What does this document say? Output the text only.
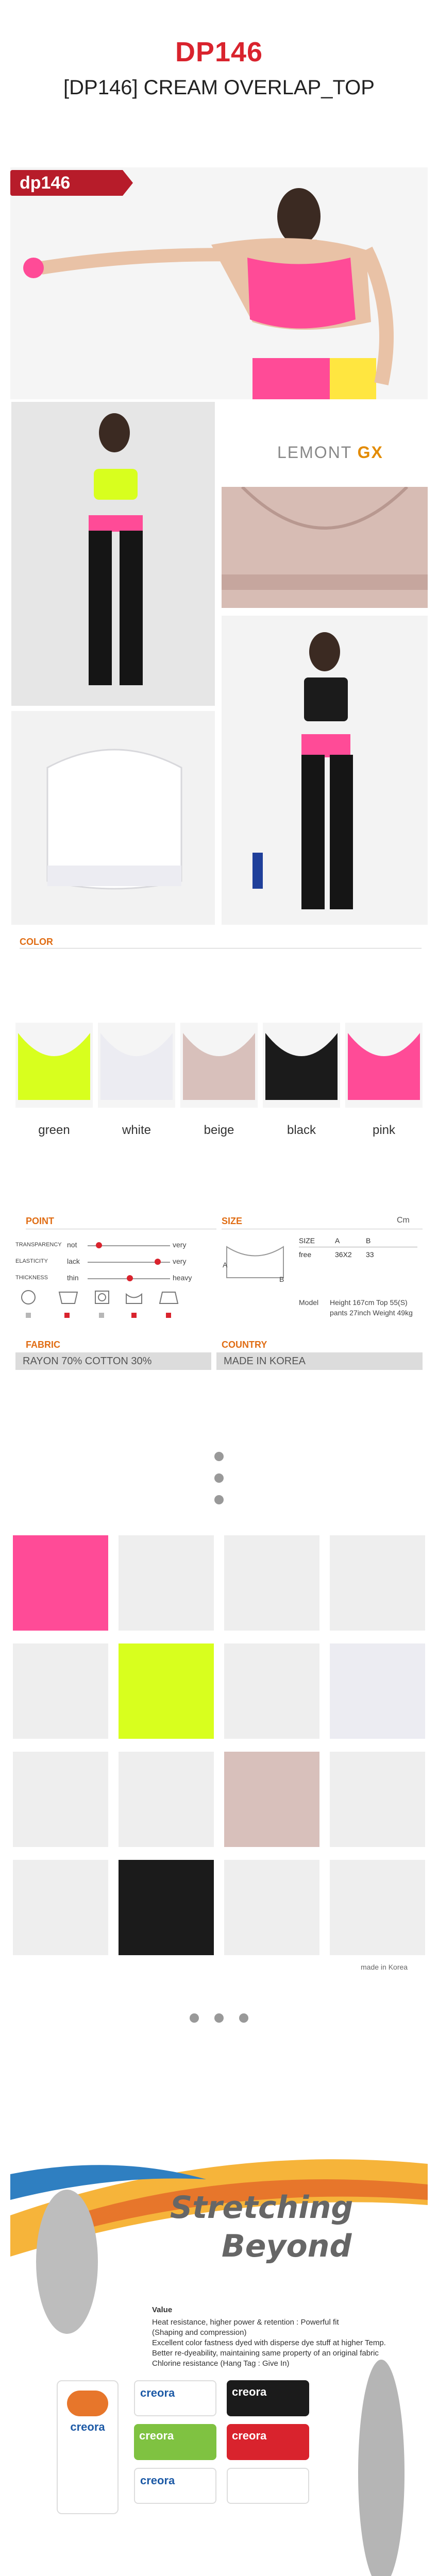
DP146
[DP146] CREAM OVERLAP_TOP
dp146
LEMONT GX
COLOR
green	white	beige	black	pink
POINT	SIZE	Cm
TRANSPARENCY not	very
ELASTICITY	lack	very
THICKNESS	thin	heavy
A
B
SIZE	A	B
free	36X2	33
Model Height 167cm Top 55(S)
pants 27inch Weight 49kg
FABRIC	COUNTRY
RAYON 70% COTTON 30%	MADE IN KOREA
made in Korea
Stretching
Beyond
Value
Heat resistance, higher power & retention : Powerful fit
(Shaping and compression)
Excellent color fastness dyed with disperse dye stuff at higher Temp.
Better re-dyeability, maintaining same property of an original fabric
Chlorine resistance (Hang Tag : Give In)
creora
creora	creora
creora	creora
creora
